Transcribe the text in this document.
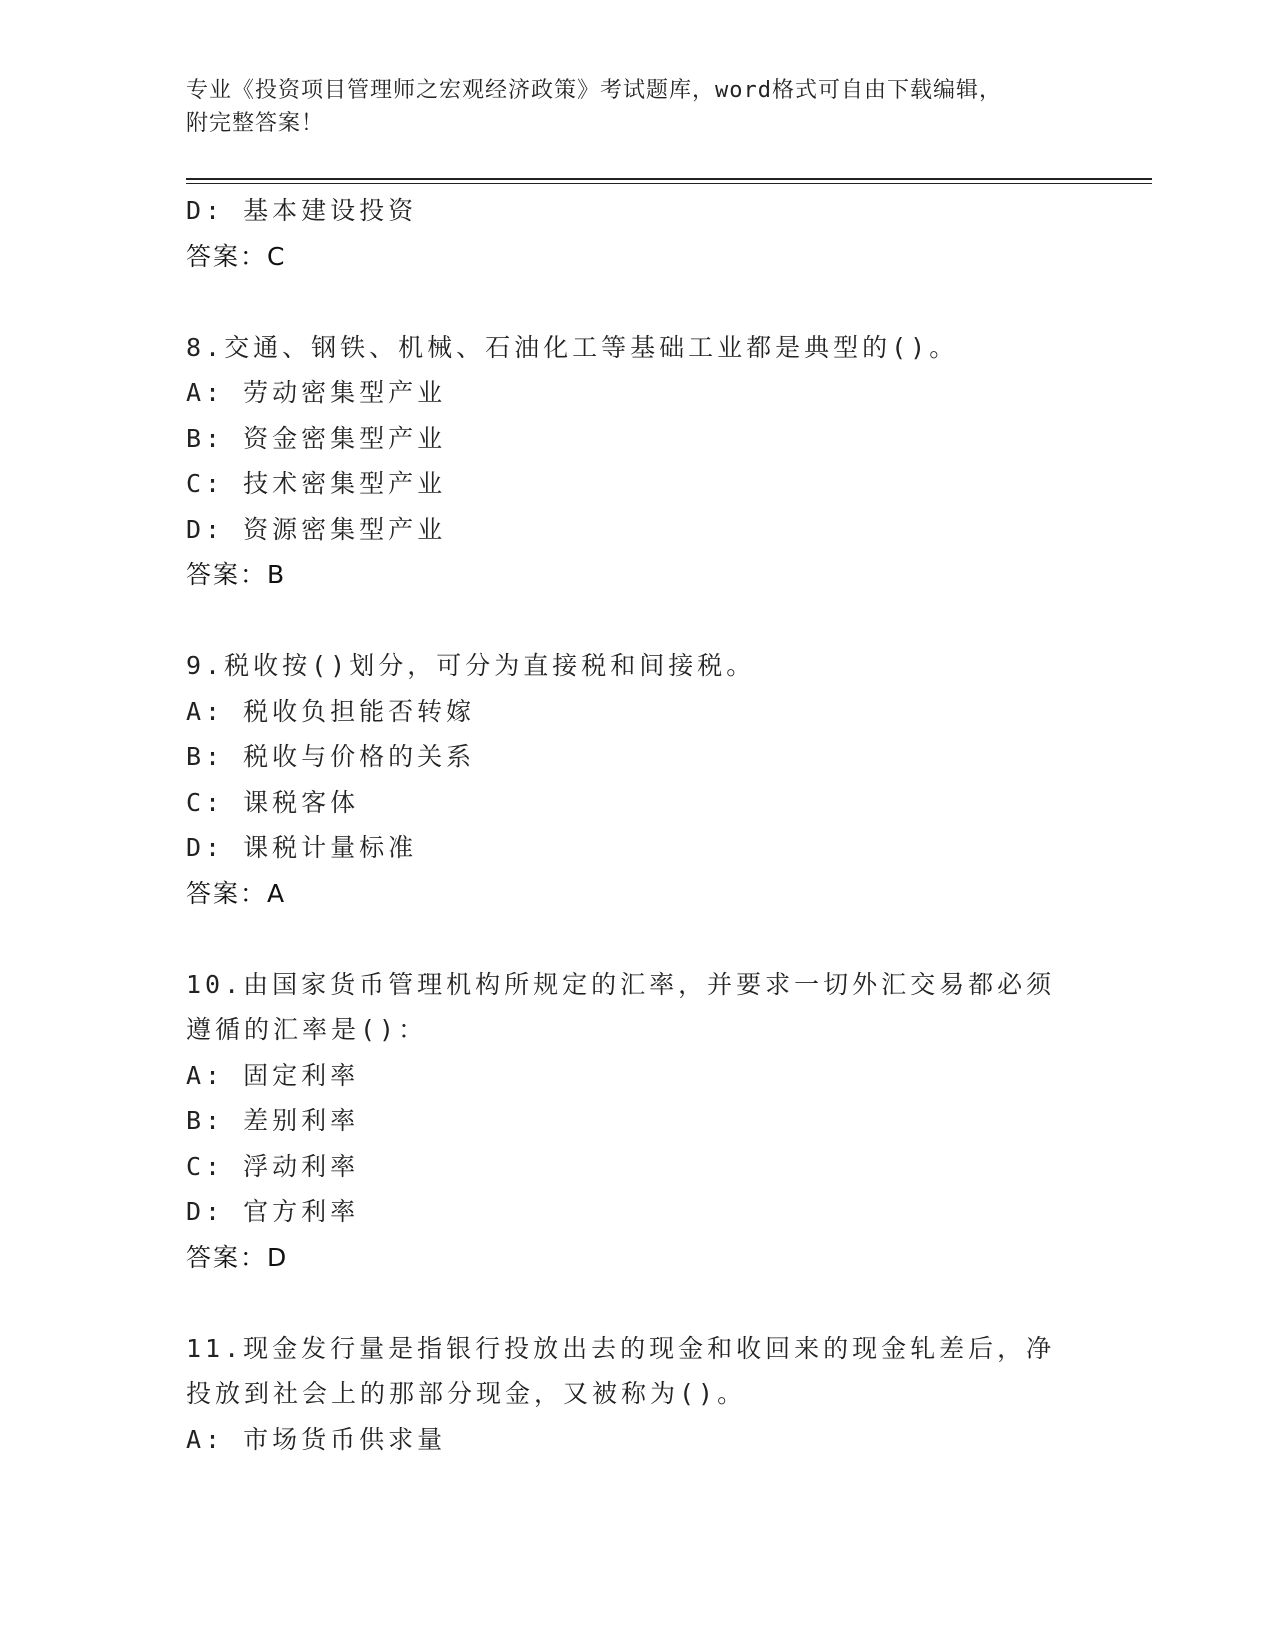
专业《投资项目管理师之宏观经济政策》考试题库，word格式可自由下载编辑，
附完整答案！
D: 基本建设投资
答案：C
8.交通、钢铁、机械、石油化工等基础工业都是典型的()。
A: 劳动密集型产业
B: 资金密集型产业
C: 技术密集型产业
D: 资源密集型产业
答案：B
9.税收按()划分，可分为直接税和间接税。
A: 税收负担能否转嫁
B: 税收与价格的关系
C: 课税客体
D: 课税计量标准
答案：A
10.由国家货币管理机构所规定的汇率，并要求一切外汇交易都必须遵循的汇率是()：
A: 固定利率
B: 差别利率
C: 浮动利率
D: 官方利率
答案：D
11.现金发行量是指银行投放出去的现金和收回来的现金轧差后，净投放到社会上的那部分现金，又被称为()。
A: 市场货币供求量
